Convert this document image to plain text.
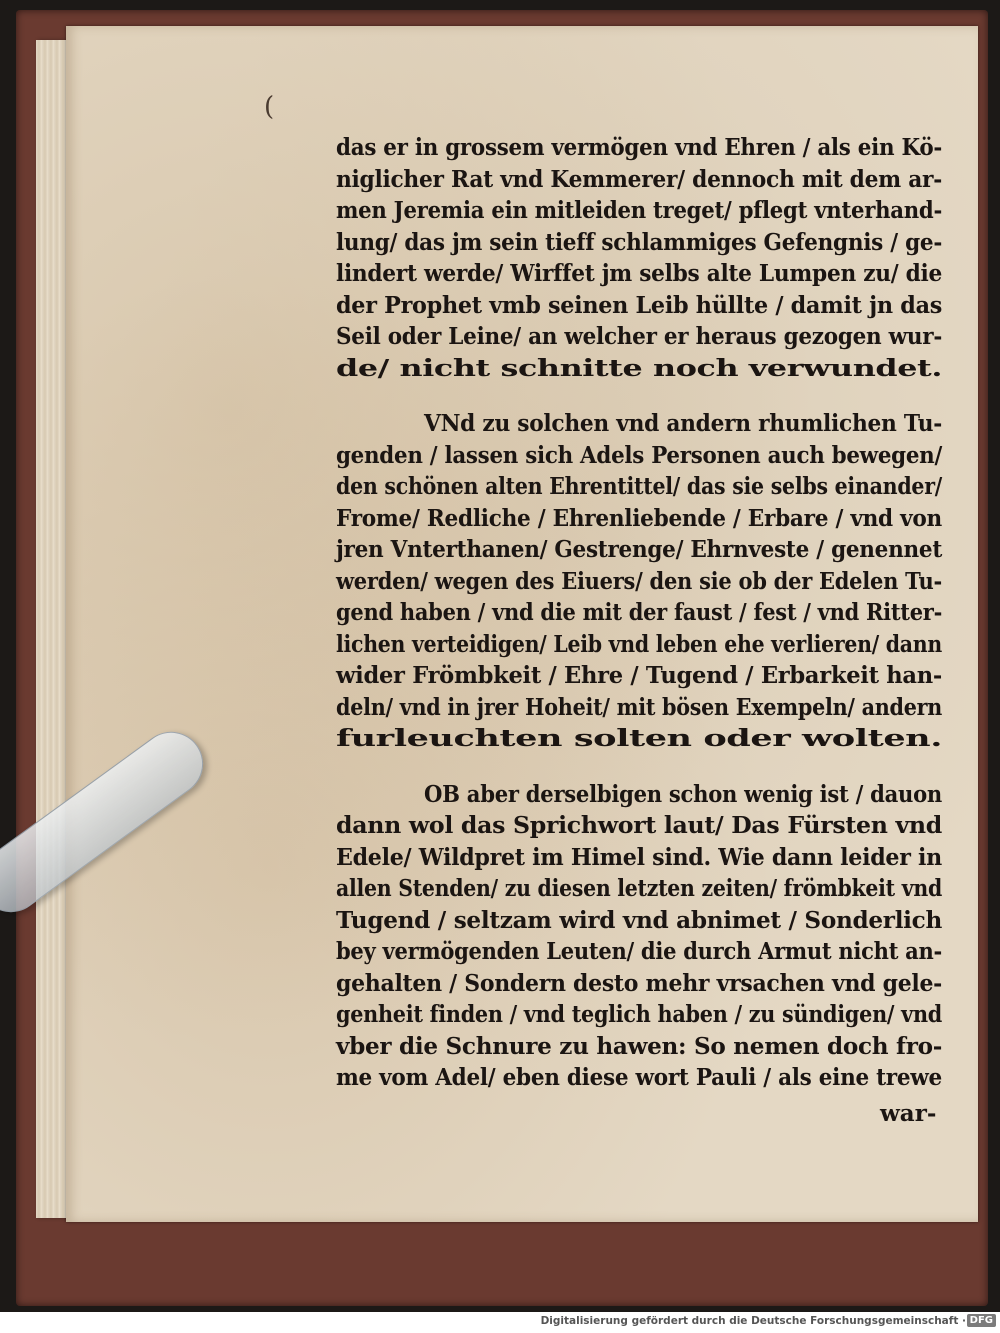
(

das er in grossem vermögen vnd Ehren / als ein Kö-
niglicher Rat vnd Kemmerer/ dennoch mit dem ar-
men Jeremia ein mitleiden treget/ pflegt vnterhand-
lung/ das jm sein tieff schlammiges Gefengnis / ge-
lindert werde/ Wirffet jm selbs alte Lumpen zu/ die
der Prophet vmb seinen Leib hüllte / damit jn das
Seil oder Leine/ an welcher er heraus gezogen wur-
de/ nicht schnitte noch verwundet.

VNd zu solchen vnd andern rhumlichen Tu-
genden / lassen sich Adels Personen auch bewegen/
den schönen alten Ehrentittel/ das sie selbs einander/
Frome/ Redliche / Ehrenliebende / Erbare / vnd von
jren Vnterthanen/ Gestrenge/ Ehrnveste / genennet
werden/ wegen des Eiuers/ den sie ob der Edelen Tu-
gend haben / vnd die mit der faust / fest / vnd Ritter-
lichen verteidigen/ Leib vnd leben ehe verlieren/ dann
wider Frömbkeit / Ehre / Tugend / Erbarkeit han-
deln/ vnd in jrer Hoheit/ mit bösen Exempeln/ andern
furleuchten solten oder wolten.

OB aber derselbigen schon wenig ist / dauon
dann wol das Sprichwort laut/ Das Fürsten vnd
Edele/ Wildpret im Himel sind. Wie dann leider in
allen Stenden/ zu diesen letzten zeiten/ frömbkeit vnd
Tugend / seltzam wird vnd abnimet / Sonderlich
bey vermögenden Leuten/ die durch Armut nicht an-
gehalten / Sondern desto mehr vrsachen vnd gele-
genheit finden / vnd teglich haben / zu sündigen/ vnd
vber die Schnure zu hawen: So nemen doch fro-
me vom Adel/ eben diese wort Pauli / als eine trewe

war-
Digitalisierung gefördert durch die Deutsche Forschungsgemeinschaft · DFG
